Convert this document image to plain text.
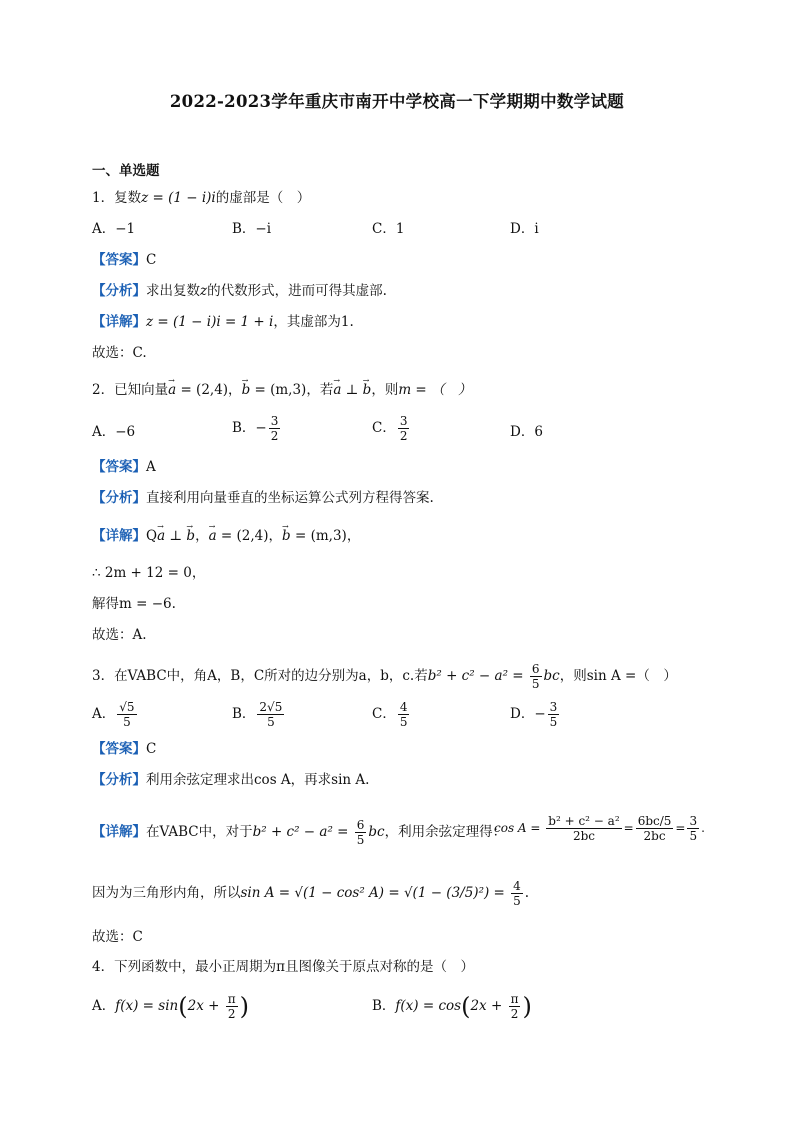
2022-2023学年重庆市南开中学校高一下学期期中数学试题
一、单选题
1．复数z = (1 − i)i的虚部是（　）
A．−1	B．−i	C．1	D．i
【答案】C
【分析】求出复数z的代数形式，进而可得其虚部.
【详解】z = (1 − i)i = 1 + i，其虚部为1.
故选：C.
2．已知向量→ a = (2,4)，→ b = (m,3)，若→ a ⊥ → b，则m = （　）
A．−6	B．− $\frac{3}{2}$	C． $\frac{3}{2}$	D．6
【答案】A
【分析】直接利用向量垂直的坐标运算公式列方程得答案.
【详解】Q→ a ⊥ → b，→ a = (2,4)，→ b = (m,3)，
∴ 2m + 12 = 0，
解得m = −6.
故选：A.
3．在VABC中，角A，B，C所对的边分别为a，b，c.若$b^2 + c^2 - a^2 = \frac{6}{5}$ bc，则sin A =（　）
A． $\frac{√5}{5}$	B． $\frac{2√5}{5}$	C． $\frac{4}{5}$	D．− $\frac{3}{5}$
【答案】C
【分析】利用余弦定理求出cos A，再求sin A.
【详解】在VABC中，对于$b^2 + c^2 - a^2 = \frac{6}{5}$ bc，利用余弦定理得：
$\cos A = \frac{\text{b² + c² − a²}}{2bc} = \frac{6bc/5}{2bc} = \frac{3}{5}$ .
因为为三角形内角，所以sin A = √(1 − cos² $A) = √(1 - (3/5)^2) = \frac{4}{5}$ .
故选：C
4．下列函数中，最小正周期为π且图像关于原点对称的是（　）
A．$f(x) = \sin(2x + \frac{\pi}{2}$ )	B．$f(x) = \cos(2x + \frac{\pi}{2}$ )
